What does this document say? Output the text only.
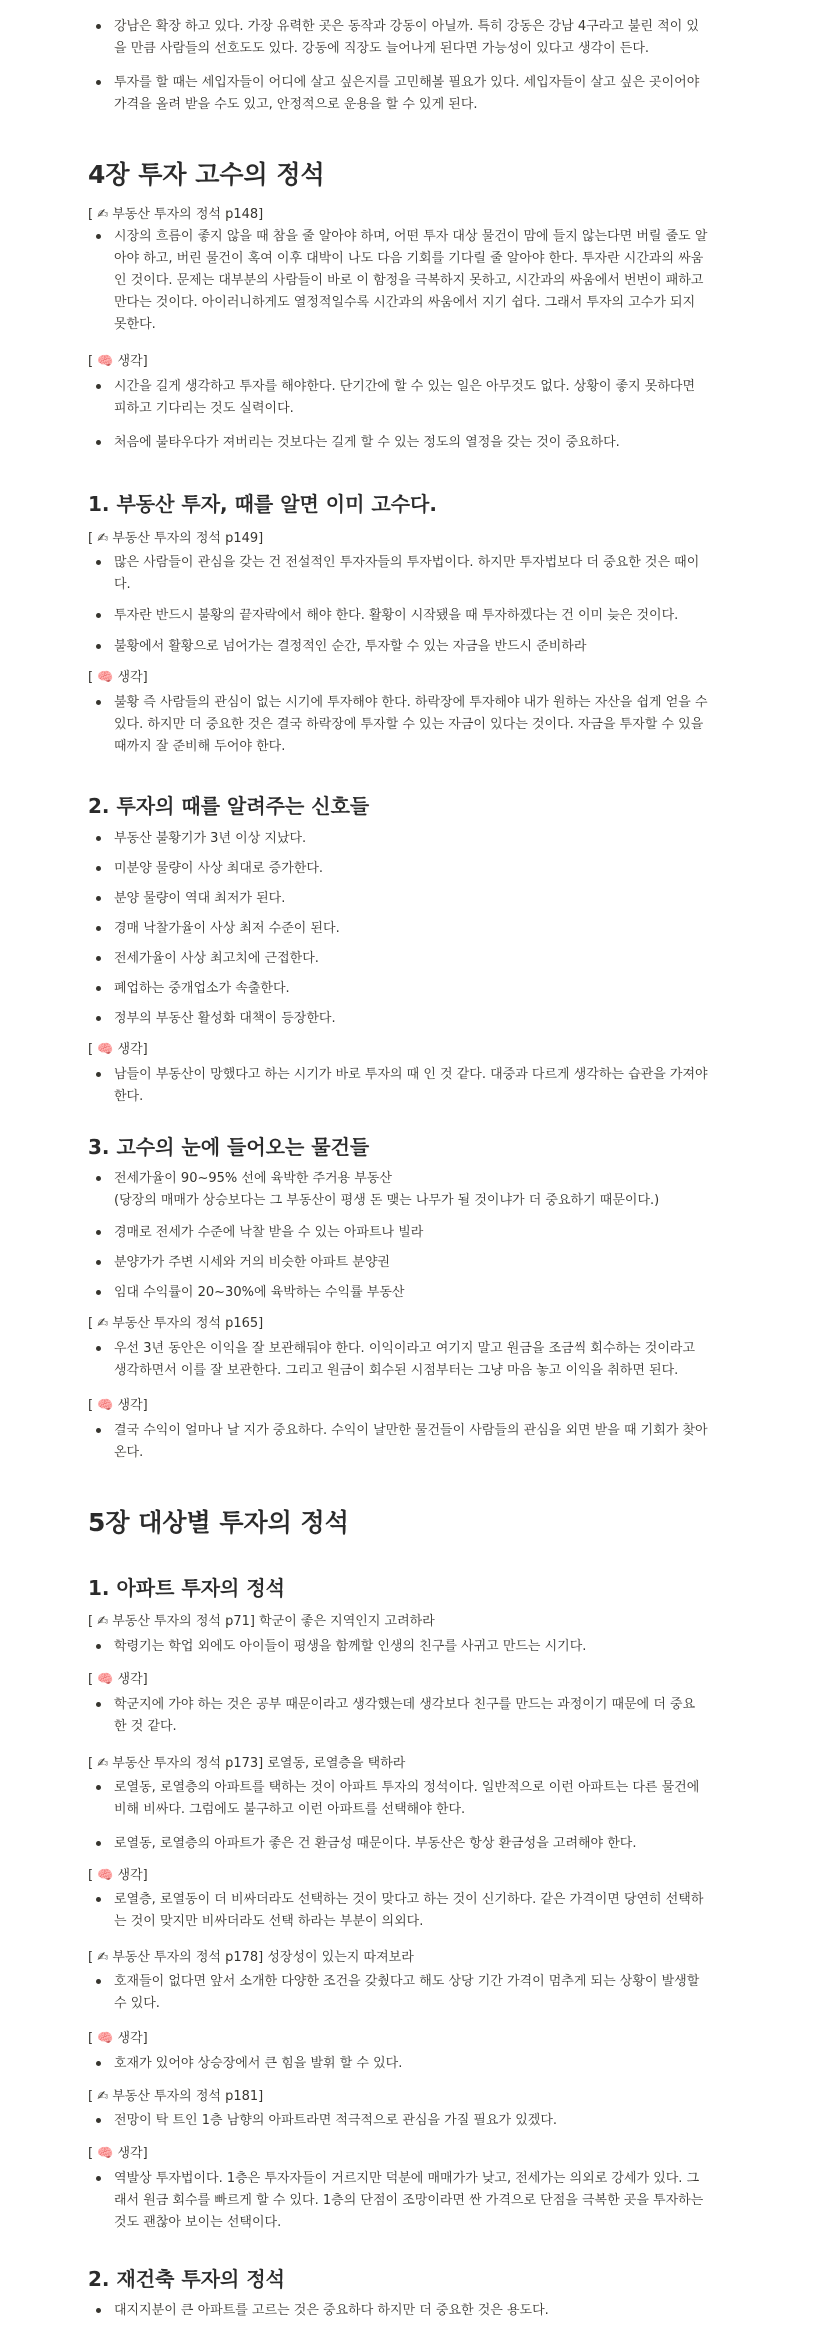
강남은 확장 하고 있다. 가장 유력한 곳은 동작과 강동이 아닐까. 특히 강동은 강남 4구라고 불린 적이 있
을 만큼 사람들의 선호도도 있다. 강동에 직장도 늘어나게 된다면 가능성이 있다고 생각이 든다.
투자를 할 때는 세입자들이 어디에 살고 싶은지를 고민해볼 필요가 있다. 세입자들이 살고 싶은 곳이어야
가격을 올려 받을 수도 있고, 안정적으로 운용을 할 수 있게 된다.
4장 투자 고수의 정석
[ ✍ 부동산 투자의 정석 p148]
시장의 흐름이 좋지 않을 때 참을 줄 알아야 하며, 어떤 투자 대상 물건이 맘에 들지 않는다면 버릴 줄도 알
아야 하고, 버린 물건이 혹여 이후 대박이 나도 다음 기회를 기다릴 줄 알아야 한다. 투자란 시간과의 싸움
인 것이다. 문제는 대부분의 사람들이 바로 이 함정을 극복하지 못하고, 시간과의 싸움에서 번번이 패하고
만다는 것이다. 아이러니하게도 열정적일수록 시간과의 싸움에서 지기 쉽다. 그래서 투자의 고수가 되지
못한다.
[ 🧠 생각]
시간을 길게 생각하고 투자를 해야한다. 단기간에 할 수 있는 일은 아무것도 없다. 상황이 좋지 못하다면
피하고 기다리는 것도 실력이다.
처음에 불타우다가 져버리는 것보다는 길게 할 수 있는 정도의 열정을 갖는 것이 중요하다.
1. 부동산 투자, 때를 알면 이미 고수다.
[ ✍ 부동산 투자의 정석 p149]
많은 사람들이 관심을 갖는 건 전설적인 투자자들의 투자법이다. 하지만 투자법보다 더 중요한 것은 때이
다.
투자란 반드시 불황의 끝자락에서 해야 한다. 활황이 시작됐을 때 투자하겠다는 건 이미 늦은 것이다.
불황에서 활황으로 넘어가는 결정적인 순간, 투자할 수 있는 자금을 반드시 준비하라
[ 🧠 생각]
불황 즉 사람들의 관심이 없는 시기에 투자해야 한다. 하락장에 투자해야 내가 원하는 자산을 쉽게 얻을 수
있다. 하지만 더 중요한 것은 결국 하락장에 투자할 수 있는 자금이 있다는 것이다. 자금을 투자할 수 있을
때까지 잘 준비해 두어야 한다.
2. 투자의 때를 알려주는 신호들
부동산 불황기가 3년 이상 지났다.
미분양 물량이 사상 최대로 증가한다.
분양 물량이 역대 최저가 된다.
경매 낙찰가율이 사상 최저 수준이 된다.
전세가율이 사상 최고치에 근접한다.
폐업하는 중개업소가 속출한다.
정부의 부동산 활성화 대책이 등장한다.
[ 🧠 생각]
남들이 부동산이 망했다고 하는 시기가 바로 투자의 때 인 것 같다. 대중과 다르게 생각하는 습관을 가져야
한다.
3. 고수의 눈에 들어오는 물건들
전세가율이 90~95% 선에 육박한 주거용 부동산
(당장의 매매가 상승보다는 그 부동산이 평생 돈 맺는 나무가 될 것이냐가 더 중요하기 때문이다.)
경매로 전세가 수준에 낙찰 받을 수 있는 아파트나 빌라
분양가가 주변 시세와 거의 비슷한 아파트 분양권
임대 수익률이 20~30%에 육박하는 수익률 부동산
[ ✍ 부동산 투자의 정석 p165]
우선 3년 동안은 이익을 잘 보관해둬야 한다. 이익이라고 여기지 말고 원금을 조금씩 회수하는 것이라고
생각하면서 이를 잘 보관한다. 그리고 원금이 회수된 시점부터는 그냥 마음 놓고 이익을 취하면 된다.
[ 🧠 생각]
결국 수익이 얼마나 날 지가 중요하다. 수익이 날만한 물건들이 사람들의 관심을 외면 받을 때 기회가 찾아
온다.
5장 대상별 투자의 정석
1. 아파트 투자의 정석
[ ✍ 부동산 투자의 정석 p71] 학군이 좋은 지역인지 고려하라
학령기는 학업 외에도 아이들이 평생을 함께할 인생의 친구를 사귀고 만드는 시기다.
[ 🧠 생각]
학군지에 가야 하는 것은 공부 때문이라고 생각했는데 생각보다 친구를 만드는 과정이기 때문에 더 중요
한 것 같다.
[ ✍ 부동산 투자의 정석 p173] 로열동, 로열층을 택하라
로열동, 로열층의 아파트를 택하는 것이 아파트 투자의 정석이다. 일반적으로 이런 아파트는 다른 물건에
비해 비싸다. 그럼에도 불구하고 이런 아파트를 선택해야 한다.
로열동, 로열층의 아파트가 좋은 건 환금성 때문이다. 부동산은 항상 환금성을 고려해야 한다.
[ 🧠 생각]
로열층, 로열동이 더 비싸더라도 선택하는 것이 맞다고 하는 것이 신기하다. 같은 가격이면 당연히 선택하
는 것이 맞지만 비싸더라도 선택 하라는 부분이 의외다.
[ ✍ 부동산 투자의 정석 p178] 성장성이 있는지 따져보라
호재들이 없다면 앞서 소개한 다양한 조건을 갖췄다고 해도 상당 기간 가격이 멈추게 되는 상황이 발생할
수 있다.
[ 🧠 생각]
호재가 있어야 상승장에서 큰 힘을 발휘 할 수 있다.
[ ✍ 부동산 투자의 정석 p181]
전망이 탁 트인 1층 남향의 아파트라면 적극적으로 관심을 가질 필요가 있겠다.
[ 🧠 생각]
역발상 투자법이다. 1층은 투자자들이 거르지만 덕분에 매매가가 낮고, 전세가는 의외로 강세가 있다. 그
래서 원금 회수를 빠르게 할 수 있다. 1층의 단점이 조망이라면 싼 가격으로 단점을 극복한 곳을 투자하는
것도 괜찮아 보이는 선택이다.
2. 재건축 투자의 정석
대지지분이 큰 아파트를 고르는 것은 중요하다 하지만 더 중요한 것은 용도다.
